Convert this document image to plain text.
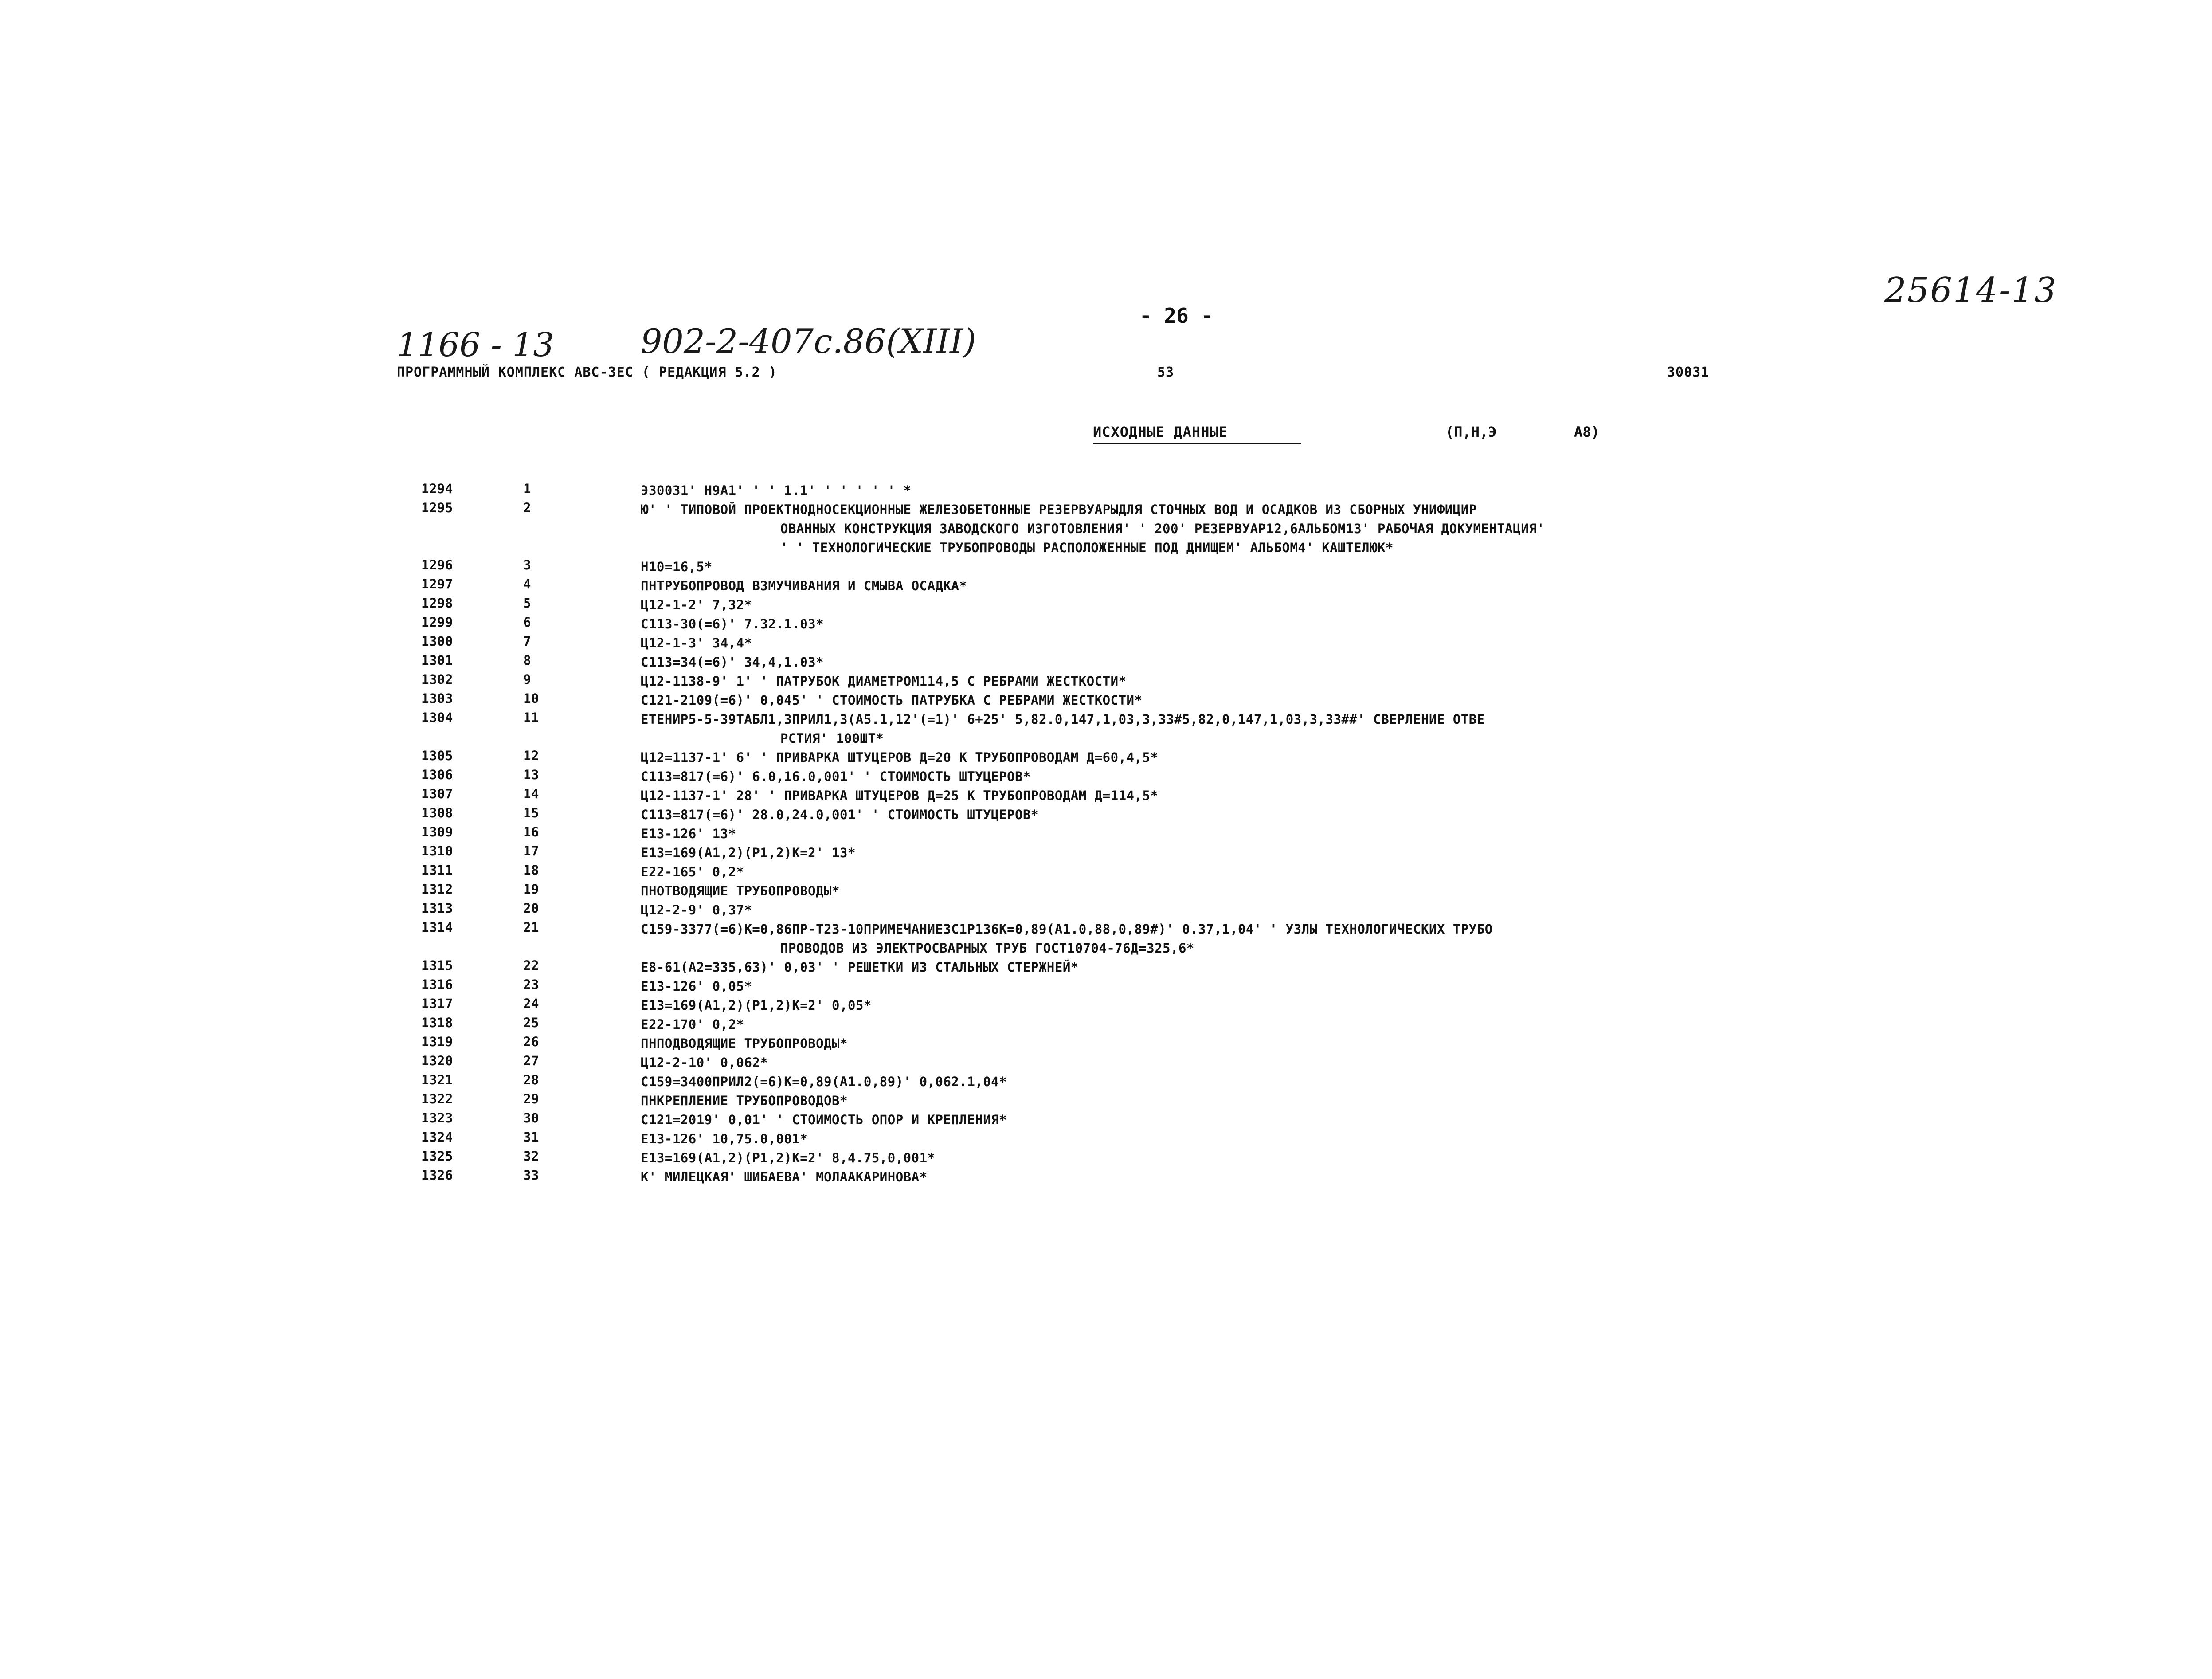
25614-13
1166 - 13	902-2-407с.86(XIII)
- 26 -
ПРОГРАММНЫЙ КОМПЛЕКС АВС-ЗЕС ( РЕДАКЦИЯ 5.2 )	53	30031
ИСХОДНЫЕ ДАННЫЕ	(П,Н,Э	А8)
1294	1	Э30031' Н9А1' ' ' 1.1' ' ' ' ' ' *
1295	2	Ю' ' ТИПОВОЙ ПРОЕКТНОДНОСЕКЦИОННЫЕ ЖЕЛЕЗОБЕТОННЫЕ РЕЗЕРВУАРЫДЛЯ СТОЧНЫХ ВОД И ОСАДКОВ ИЗ СБОРНЫХ УНИФИЦИР
ОВАННЫХ КОНСТРУКЦИЯ ЗАВОДСКОГО ИЗГОТОВЛЕНИЯ' ' 200' РЕЗЕРВУАР12,6АЛЬБОМ13' РАБОЧАЯ ДОКУМЕНТАЦИЯ'
' ' ТЕХНОЛОГИЧЕСКИЕ ТРУБОПРОВОДЫ РАСПОЛОЖЕННЫЕ ПОД ДНИЩЕМ' АЛЬБОМ4' КАШТЕЛЮК*
1296	3	Н10=16,5*
1297	4	ПНТРУБОПРОВОД ВЗМУЧИВАНИЯ И СМЫВА ОСАДКА*
1298	5	Ц12-1-2' 7,32*
1299	6	С113-30(=6)' 7.32.1.03*
1300	7	Ц12-1-3' 34,4*
1301	8	С113=34(=6)' 34,4,1.03*
1302	9	Ц12-1138-9' 1' ' ПАТРУБОК ДИАМЕТРОМ114,5 С РЕБРАМИ ЖЕСТКОСТИ*
1303	10	С121-2109(=6)' 0,045' ' СТОИМОСТЬ ПАТРУБКА С РЕБРАМИ ЖЕСТКОСТИ*
1304	11	ЕТЕНИР5-5-39ТАБЛ1,3ПРИЛ1,3(А5.1,12'(=1)' 6+25' 5,82.0,147,1,03,3,33#5,82,0,147,1,03,3,33##' СВЕРЛЕНИЕ ОТВЕ
РСТИЯ' 100ШТ*
1305	12	Ц12=1137-1' 6' ' ПРИВАРКА ШТУЦЕРОВ Д=20 К ТРУБОПРОВОДАМ Д=60,4,5*
1306	13	С113=817(=6)' 6.0,16.0,001' ' СТОИМОСТЬ ШТУЦЕРОВ*
1307	14	Ц12-1137-1' 28' ' ПРИВАРКА ШТУЦЕРОВ Д=25 К ТРУБОПРОВОДАМ Д=114,5*
1308	15	С113=817(=6)' 28.0,24.0,001' ' СТОИМОСТЬ ШТУЦЕРОВ*
1309	16	Е13-126' 13*
1310	17	Е13=169(А1,2)(Р1,2)К=2' 13*
1311	18	Е22-165' 0,2*
1312	19	ПНОТВОДЯЩИЕ ТРУБОПРОВОДЫ*
1313	20	Ц12-2-9' 0,37*
1314	21	С159-3377(=6)К=0,86ПР-Т23-10ПРИМЕЧАНИЕЗС1Р136К=0,89(А1.0,88,0,89#)' 0.37,1,04' ' УЗЛЫ ТЕХНОЛОГИЧЕСКИХ ТРУБО
ПРОВОДОВ ИЗ ЭЛЕКТРОСВАРНЫХ ТРУБ ГОСТ10704-76Д=325,6*
1315	22	Е8-61(А2=335,63)' 0,03' ' РЕШЕТКИ ИЗ СТАЛЬНЫХ СТЕРЖНЕЙ*
1316	23	Е13-126' 0,05*
1317	24	Е13=169(А1,2)(Р1,2)К=2' 0,05*
1318	25	Е22-170' 0,2*
1319	26	ПНПОДВОДЯЩИЕ ТРУБОПРОВОДЫ*
1320	27	Ц12-2-10' 0,062*
1321	28	С159=3400ПРИЛ2(=6)К=0,89(А1.0,89)' 0,062.1,04*
1322	29	ПНКРЕПЛЕНИЕ ТРУБОПРОВОДОВ*
1323	30	С121=2019' 0,01' ' СТОИМОСТЬ ОПОР И КРЕПЛЕНИЯ*
1324	31	Е13-126' 10,75.0,001*
1325	32	Е13=169(А1,2)(Р1,2)К=2' 8,4.75,0,001*
1326	33	К' МИЛЕЦКАЯ' ШИБАЕВА' МОЛААКАРИНОВА*
